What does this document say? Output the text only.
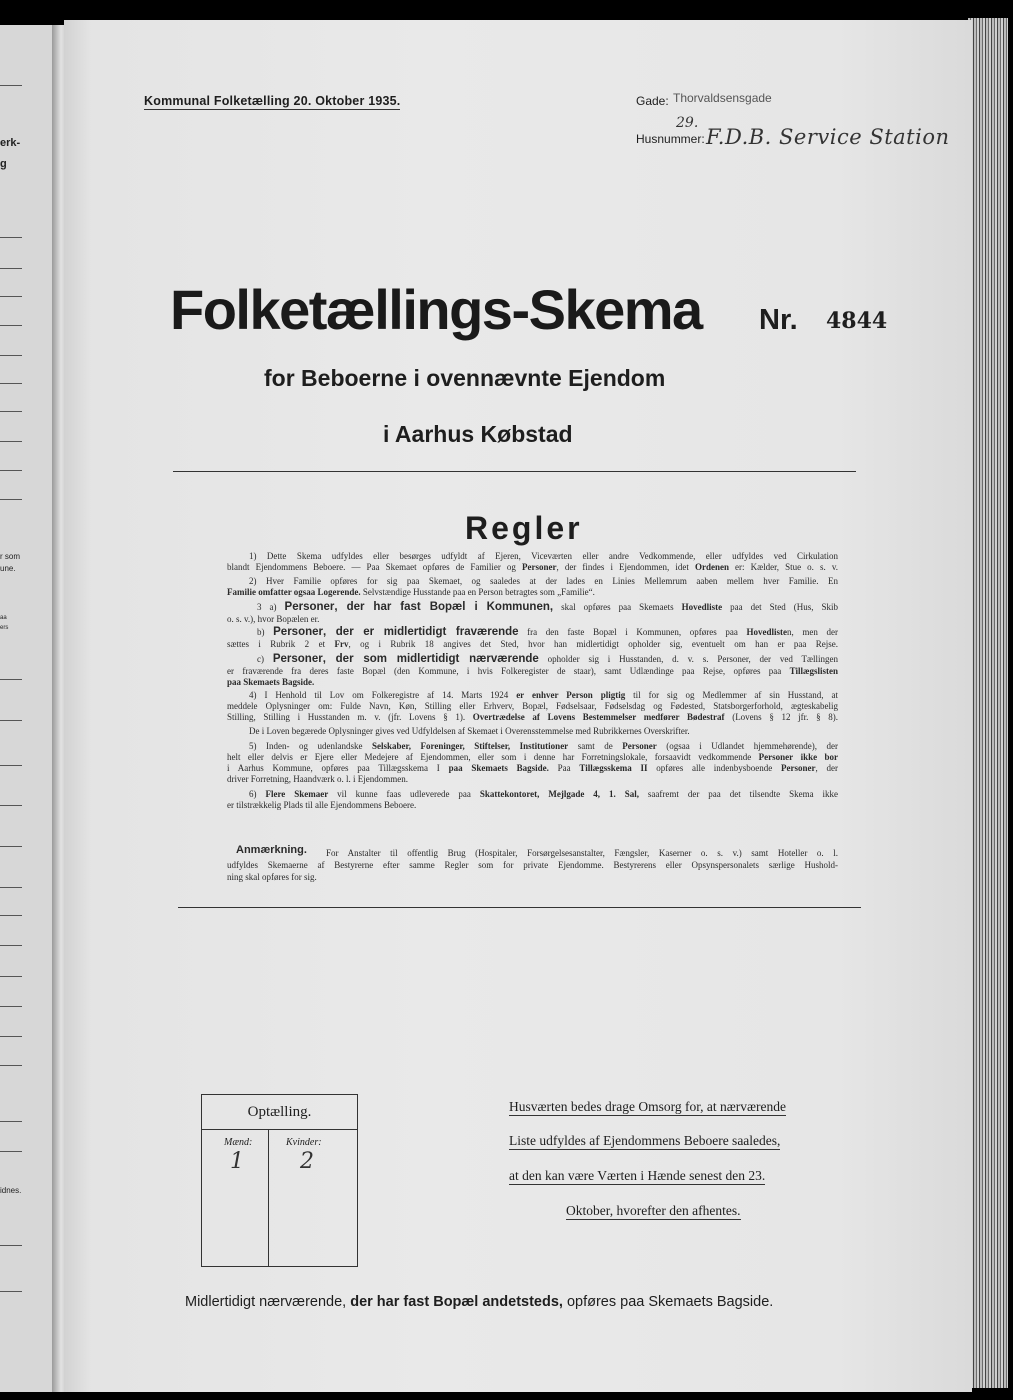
erk-
g
r som
une.
aa
ers
idnes.
Kommunal Folketælling 20. Oktober 1935.	Gade: Thorvaldsensgade
29.
Husnummer: F.D.B. Service Station
Folketællings-Skema Nr. 4844
for Beboerne i ovennævnte Ejendom
i Aarhus Købstad
Regler
1) Dette Skema udfyldes eller besørges udfyldt af Ejeren, Viceværten eller andre Vedkommende, eller udfyldes ved Cirkulation
blandt Ejendommens Beboere. — Paa Skemaet opføres de Familier og Personer, der findes i Ejendommen, idet Ordenen er: Kælder, Stue o. s. v.
2) Hver Familie opføres for sig paa Skemaet, og saaledes at der lades en Linies Mellemrum aaben mellem hver Familie. En
Familie omfatter ogsaa Logerende. Selvstændige Husstande paa en Person betragtes som „Familie“.
3 a) Personer, der har fast Bopæl i Kommunen, skal opføres paa Skemaets Hovedliste paa det Sted (Hus, Skib
o. s. v.), hvor Bopælen er.
b) Personer, der er midlertidigt fraværende fra den faste Bopæl i Kommunen, opføres paa Hovedlisten, men der
sættes i Rubrik 2 et Frv, og i Rubrik 18 angives det Sted, hvor han midlertidigt opholder sig, eventuelt om han er paa Rejse.
c) Personer, der som midlertidigt nærværende opholder sig i Husstanden, d. v. s. Personer, der ved Tællingen
er fraværende fra deres faste Bopæl (den Kommune, i hvis Folkeregister de staar), samt Udlændinge paa Rejse, opføres paa Tillægslisten
paa Skemaets Bagside.
4) I Henhold til Lov om Folkeregistre af 14. Marts 1924 er enhver Person pligtig til for sig og Medlemmer af sin Husstand, at
meddele Oplysninger om: Fulde Navn, Køn, Stilling eller Erhverv, Bopæl, Fødselsaar, Fødselsdag og Fødested, Statsborgerforhold, ægteskabelig
Stilling, Stilling i Husstanden m. v. (jfr. Lovens § 1). Overtrædelse af Lovens Bestemmelser medfører Bødestraf (Lovens § 12 jfr. § 8).
De i Loven begærede Oplysninger gives ved Udfyldelsen af Skemaet i Overensstemmelse med Rubrikkernes Overskrifter.
5) Inden- og udenlandske Selskaber, Foreninger, Stiftelser, Institutioner samt de Personer (ogsaa i Udlandet hjemmehørende), der
helt eller delvis er Ejere eller Medejere af Ejendommen, eller som i denne har Forretningslokale, forsaavidt vedkommende Personer ikke bor
i Aarhus Kommune, opføres paa Tillægsskema I paa Skemaets Bagside. Paa Tillægsskema II opføres alle indenbysboende Personer, der
driver Forretning, Haandværk o. l. i Ejendommen.
6) Flere Skemaer vil kunne faas udleverede paa Skattekontoret, Mejlgade 4, 1. Sal, saafremt der paa det tilsendte Skema ikke
er tilstrækkelig Plads til alle Ejendommens Beboere.
For Anstalter til offentlig Brug (Hospitaler, Forsørgelsesanstalter, Fængsler, Kaserner o. s. v.) samt Hoteller o. l.
udfyldes Skemaerne af Bestyrerne efter samme Regler som for private Ejendomme. Bestyrerens eller Opsynspersonalets særlige Hushold-
ning skal opføres for sig.
Anmærkning.
Optælling.
Mænd:	Kvinder:
1	2
Husværten bedes drage Omsorg for, at nærværende
Liste udfyldes af Ejendommens Beboere saaledes,
at den kan være Værten i Hænde senest den 23.
Oktober, hvorefter den afhentes.
Midlertidigt nærværende, der har fast Bopæl andetsteds, opføres paa Skemaets Bagside.
